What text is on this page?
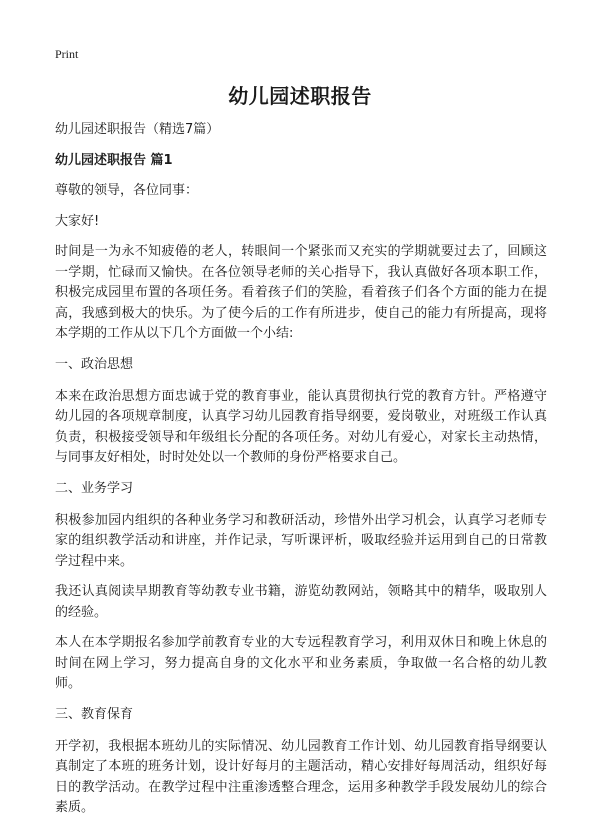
Print
幼儿园述职报告
幼儿园述职报告（精选7篇）
幼儿园述职报告 篇1
尊敬的领导，各位同事：
大家好!
时间是一为永不知疲倦的老人，转眼间一个紧张而又充实的学期就要过去了，回顾这一学期，忙碌而又愉快。在各位领导老师的关心指导下，我认真做好各项本职工作，积极完成园里布置的各项任务。看着孩子们的笑脸，看着孩子们各个方面的能力在提高，我感到极大的快乐。为了使今后的工作有所进步，使自己的能力有所提高，现将本学期的工作从以下几个方面做一个小结:
一、政治思想
本来在政治思想方面忠诚于党的教育事业，能认真贯彻执行党的教育方针。严格遵守幼儿园的各项规章制度，认真学习幼儿园教育指导纲要，爱岗敬业，对班级工作认真负责，积极接受领导和年级组长分配的各项任务。对幼儿有爱心，对家长主动热情，与同事友好相处，时时处处以一个教师的身份严格要求自己。
二、业务学习
积极参加园内组织的各种业务学习和教研活动，珍惜外出学习机会，认真学习老师专家的组织教学活动和讲座，并作记录，写听课评析，吸取经验并运用到自己的日常教学过程中来。
我还认真阅读早期教育等幼教专业书籍，游览幼教网站，领略其中的精华，吸取别人的经验。
本人在本学期报名参加学前教育专业的大专远程教育学习，利用双休日和晚上休息的时间在网上学习，努力提高自身的文化水平和业务素质，争取做一名合格的幼儿教师。
三、教育保育
开学初，我根据本班幼儿的实际情况、幼儿园教育工作计划、幼儿园教育指导纲要认真制定了本班的班务计划，设计好每月的主题活动，精心安排好每周活动，组织好每日的教学活动。在教学过程中注重渗透整合理念，运用多种教学手段发展幼儿的综合素质。
